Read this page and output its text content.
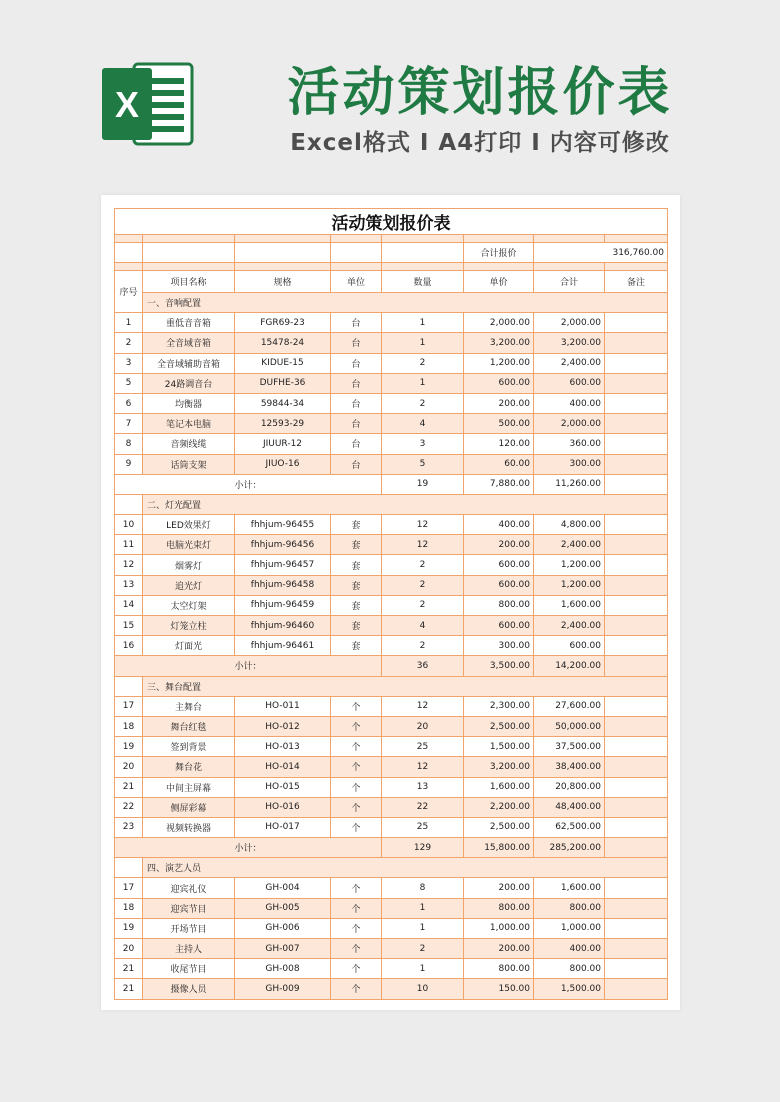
X	活动策划报价表
Excel格式 I A4打印 I 内容可修改
活动策划报价表							

					合计报价	316,760.00	

序号	项目名称	规格	单位	数量	单价	合计	备注
	一、音响配置						
1	重低音音箱	FGR69-23	台	1	2,000.00	2,000.00	
2	全音域音箱	15478-24	台	1	3,200.00	3,200.00	
3	全音域辅助音箱	KIDUE-15	台	2	1,200.00	2,400.00	
5	24路调音台	DUFHE-36	台	1	600.00	600.00	
6	均衡器	59844-34	台	2	200.00	400.00	
7	笔记本电脑	12593-29	台	4	500.00	2,000.00	
8	音频线缆	JIUUR-12	台	3	120.00	360.00	
9	话筒支架	JIUO-16	台	5	60.00	300.00	
小计：				19	7,880.00	11,260.00	
	二、灯光配置						
10	LED效果灯	fhhjum-96455	套	12	400.00	4,800.00	
11	电脑光束灯	fhhjum-96456	套	12	200.00	2,400.00	
12	烟雾灯	fhhjum-96457	套	2	600.00	1,200.00	
13	追光灯	fhhjum-96458	套	2	600.00	1,200.00	
14	太空灯架	fhhjum-96459	套	2	800.00	1,600.00	
15	灯笼立柱	fhhjum-96460	套	4	600.00	2,400.00	
16	灯面光	fhhjum-96461	套	2	300.00	600.00	
小计：				36	3,500.00	14,200.00	
	三、舞台配置						
17	主舞台	HO-011	个	12	2,300.00	27,600.00	
18	舞台红毯	HO-012	个	20	2,500.00	50,000.00	
19	签到背景	HO-013	个	25	1,500.00	37,500.00	
20	舞台花	HO-014	个	12	3,200.00	38,400.00	
21	中间主屏幕	HO-015	个	13	1,600.00	20,800.00	
22	侧屏彩幕	HO-016	个	22	2,200.00	48,400.00	
23	视频转换器	HO-017	个	25	2,500.00	62,500.00	
小计：				129	15,800.00	285,200.00	
	四、演艺人员						
17	迎宾礼仪	GH-004	个	8	200.00	1,600.00	
18	迎宾节目	GH-005	个	1	800.00	800.00	
19	开场节目	GH-006	个	1	1,000.00	1,000.00	
20	主持人	GH-007	个	2	200.00	400.00	
21	收尾节目	GH-008	个	1	800.00	800.00	
21	摄像人员	GH-009	个	10	150.00	1,500.00	
